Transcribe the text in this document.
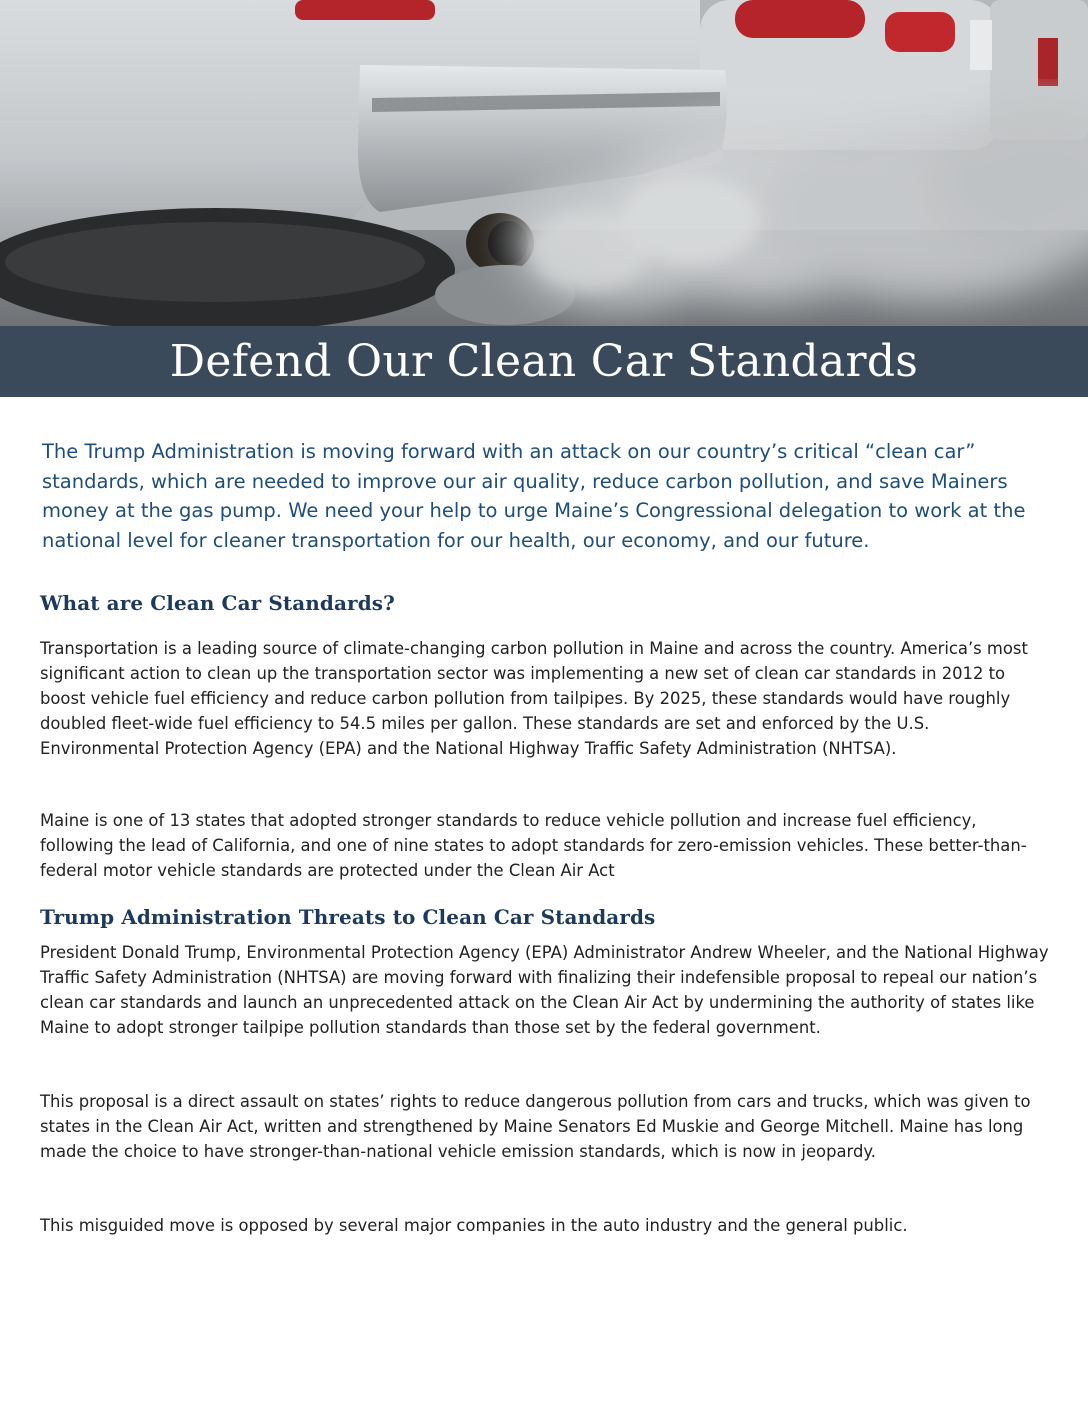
Defend Our Clean Car Standards

The Trump Administration is moving forward with an attack on our country’s critical “clean car” standards, which are needed to improve our air quality, reduce carbon pollution, and save Mainers money at the gas pump. We need your help to urge Maine’s Congressional delegation to work at the national level for cleaner transportation for our health, our economy, and our future.

What are Clean Car Standards?

Transportation is a leading source of climate-changing carbon pollution in Maine and across the country. America’s most significant action to clean up the transportation sector was implementing a new set of clean car standards in 2012 to boost vehicle fuel efficiency and reduce carbon pollution from tailpipes. By 2025, these standards would have roughly doubled fleet-wide fuel efficiency to 54.5 miles per gallon. These standards are set and enforced by the U.S. Environmental Protection Agency (EPA) and the National Highway Traffic Safety Administration (NHTSA).

Maine is one of 13 states that adopted stronger standards to reduce vehicle pollution and increase fuel efficiency, following the lead of California, and one of nine states to adopt standards for zero-emission vehicles. These better-than-federal motor vehicle standards are protected under the Clean Air Act

Trump Administration Threats to Clean Car Standards

President Donald Trump, Environmental Protection Agency (EPA) Administrator Andrew Wheeler, and the National Highway Traffic Safety Administration (NHTSA) are moving forward with finalizing their indefensible proposal to repeal our nation’s clean car standards and launch an unprecedented attack on the Clean Air Act by undermining the authority of states like Maine to adopt stronger tailpipe pollution standards than those set by the federal government.

This proposal is a direct assault on states’ rights to reduce dangerous pollution from cars and trucks, which was given to states in the Clean Air Act, written and strengthened by Maine Senators Ed Muskie and George Mitchell. Maine has long made the choice to have stronger-than-national vehicle emission standards, which is now in jeopardy.

This misguided move is opposed by several major companies in the auto industry and the general public.
